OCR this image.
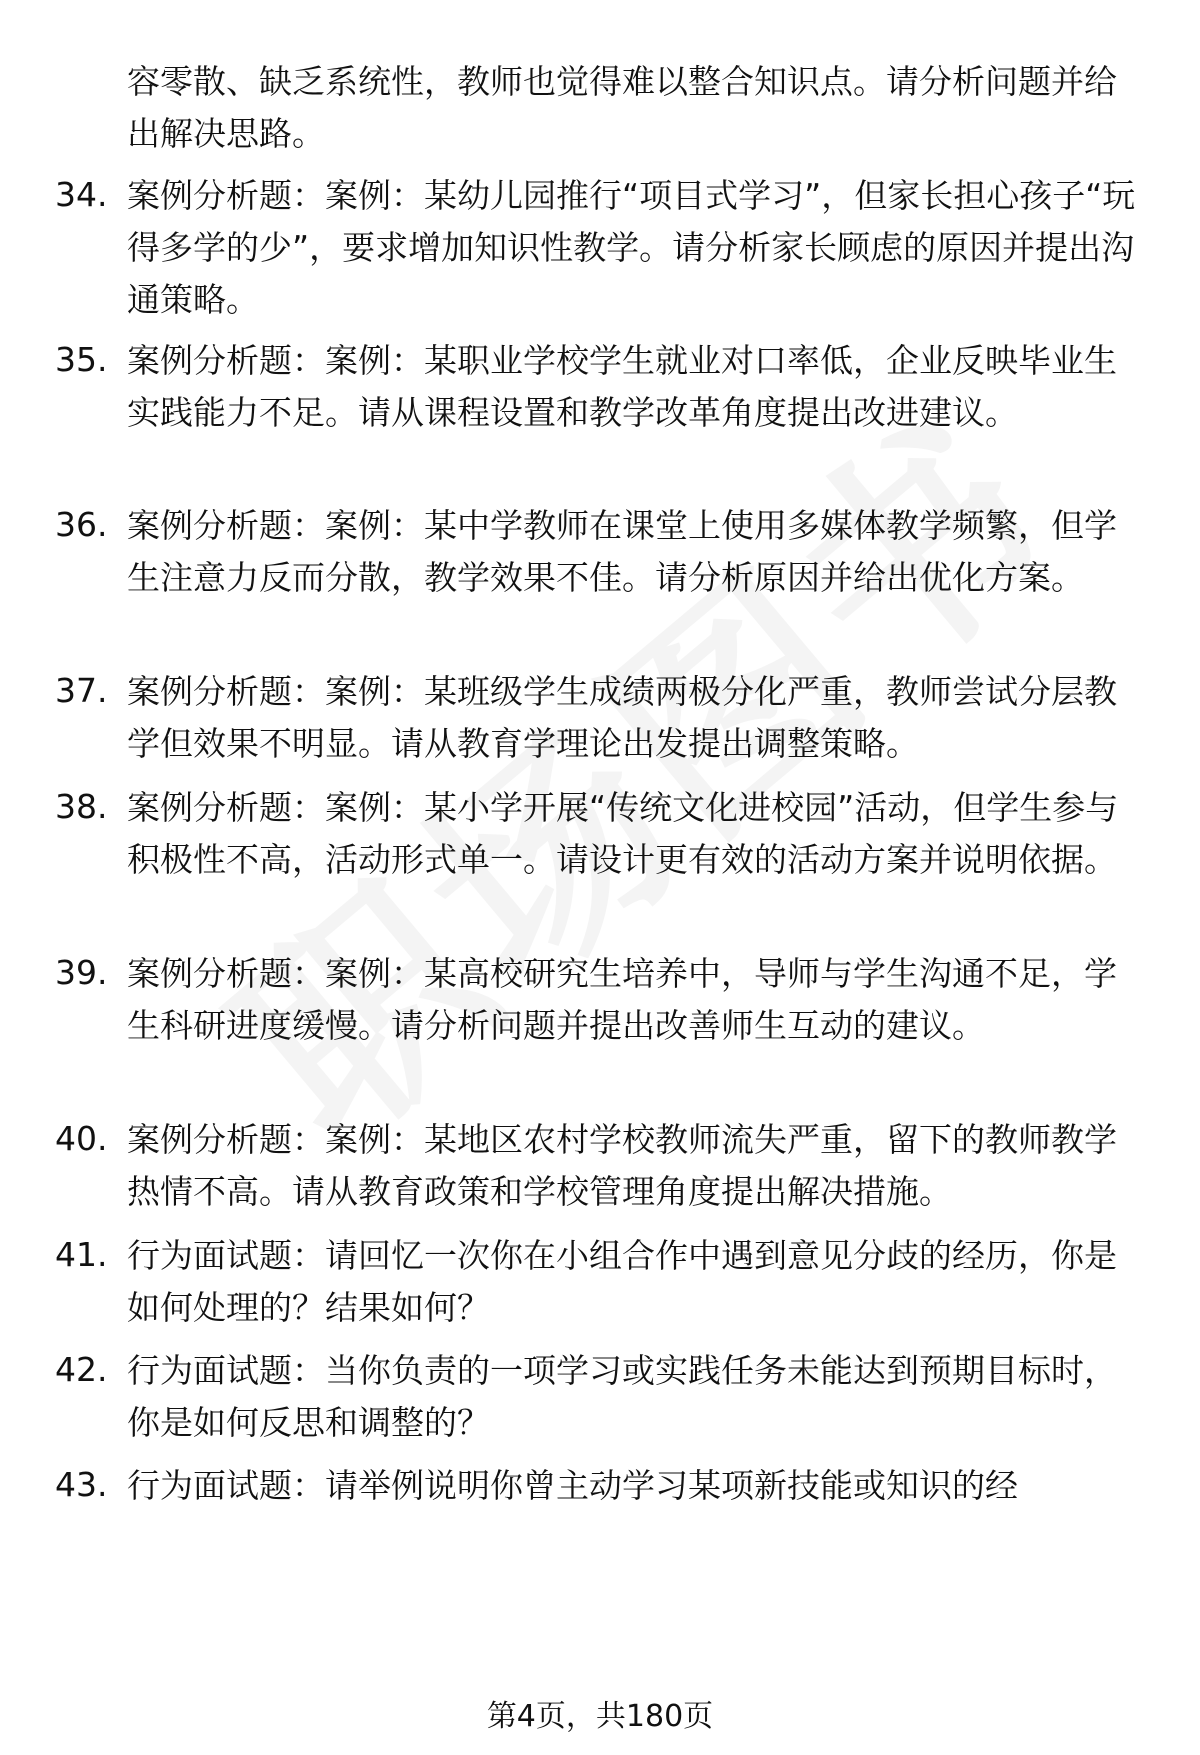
容零散、缺乏系统性，教师也觉得难以整合知识点。请分析问题并给出解决思路。
34. 案例分析题：案例：某幼儿园推行“项目式学习”，但家长担心孩子“玩得多学的少”，要求增加知识性教学。请分析家长顾虑的原因并提出沟通策略。
35. 案例分析题：案例：某职业学校学生就业对口率低，企业反映毕业生实践能力不足。请从课程设置和教学改革角度提出改进建议。
36. 案例分析题：案例：某中学教师在课堂上使用多媒体教学频繁，但学生注意力反而分散，教学效果不佳。请分析原因并给出优化方案。
37. 案例分析题：案例：某班级学生成绩两极分化严重，教师尝试分层教学但效果不明显。请从教育学理论出发提出调整策略。
38. 案例分析题：案例：某小学开展“传统文化进校园”活动，但学生参与积极性不高，活动形式单一。请设计更有效的活动方案并说明依据。
39. 案例分析题：案例：某高校研究生培养中，导师与学生沟通不足，学生科研进度缓慢。请分析问题并提出改善师生互动的建议。
40. 案例分析题：案例：某地区农村学校教师流失严重，留下的教师教学热情不高。请从教育政策和学校管理角度提出解决措施。
41. 行为面试题：请回忆一次你在小组合作中遇到意见分歧的经历，你是如何处理的？结果如何？
42. 行为面试题：当你负责的一项学习或实践任务未能达到预期目标时，你是如何反思和调整的？
43. 行为面试题：请举例说明你曾主动学习某项新技能或知识的经
第4页，共180页
